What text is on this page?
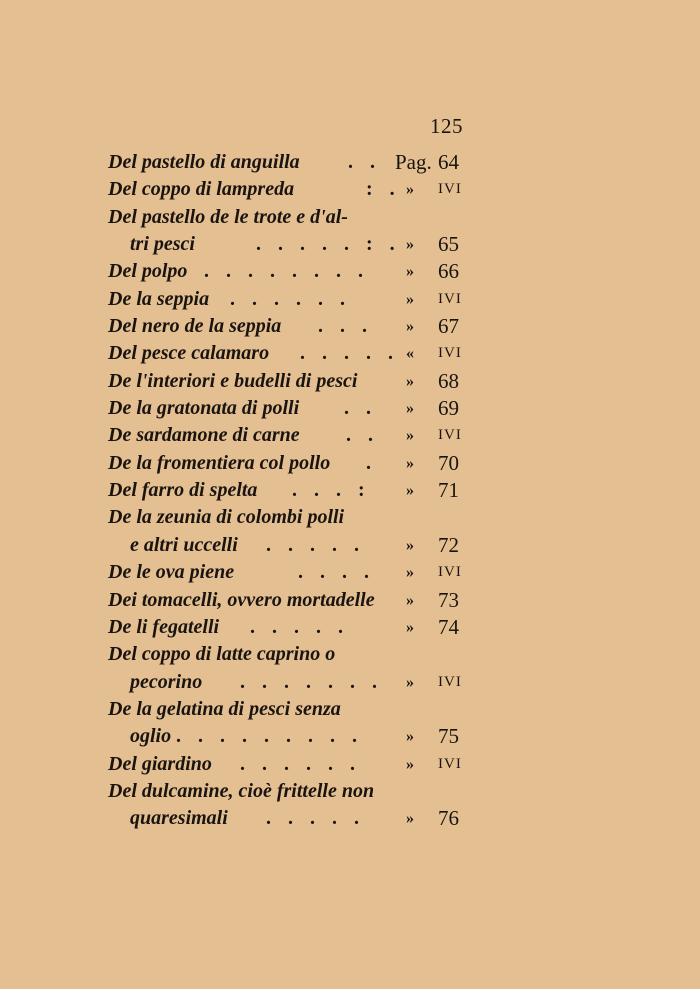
125
Del pastello di anguilla . . Pag. 64
Del coppo di lampreda	: . » IVI
Del pastello de le trote e d'al-
tri pesci	. . . . . : . » 65
Del polpo . . . . . . . . » 66
De la seppia . . . . . .	» IVI
Del nero de la seppia . . . » 67
Del pesce calamaro . . . . . « IVI
De l'interiori e budelli di pesci	» 68
De la gratonata di polli . . » 69
De sardamone di carne . . » IVI
De la fromentiera col pollo . » 70
Del farro di spelta . . . : » 71
De la zeunia di colombi polli
e altri uccelli . . . . .	» 72
De le ova piene	. . . . » IVI
Dei tomacelli, ovvero mortadelle » 73
De li fegatelli . . . . .	» 74
Del coppo di latte caprino o
pecorino . . . . . . . » IVI
De la gelatina di pesci senza
oglio . . . . . . . . .	» 75
Del giardino . . . . . .	» IVI
Del dulcamine, cioè frittelle non
quaresimali . . . . .	» 76
